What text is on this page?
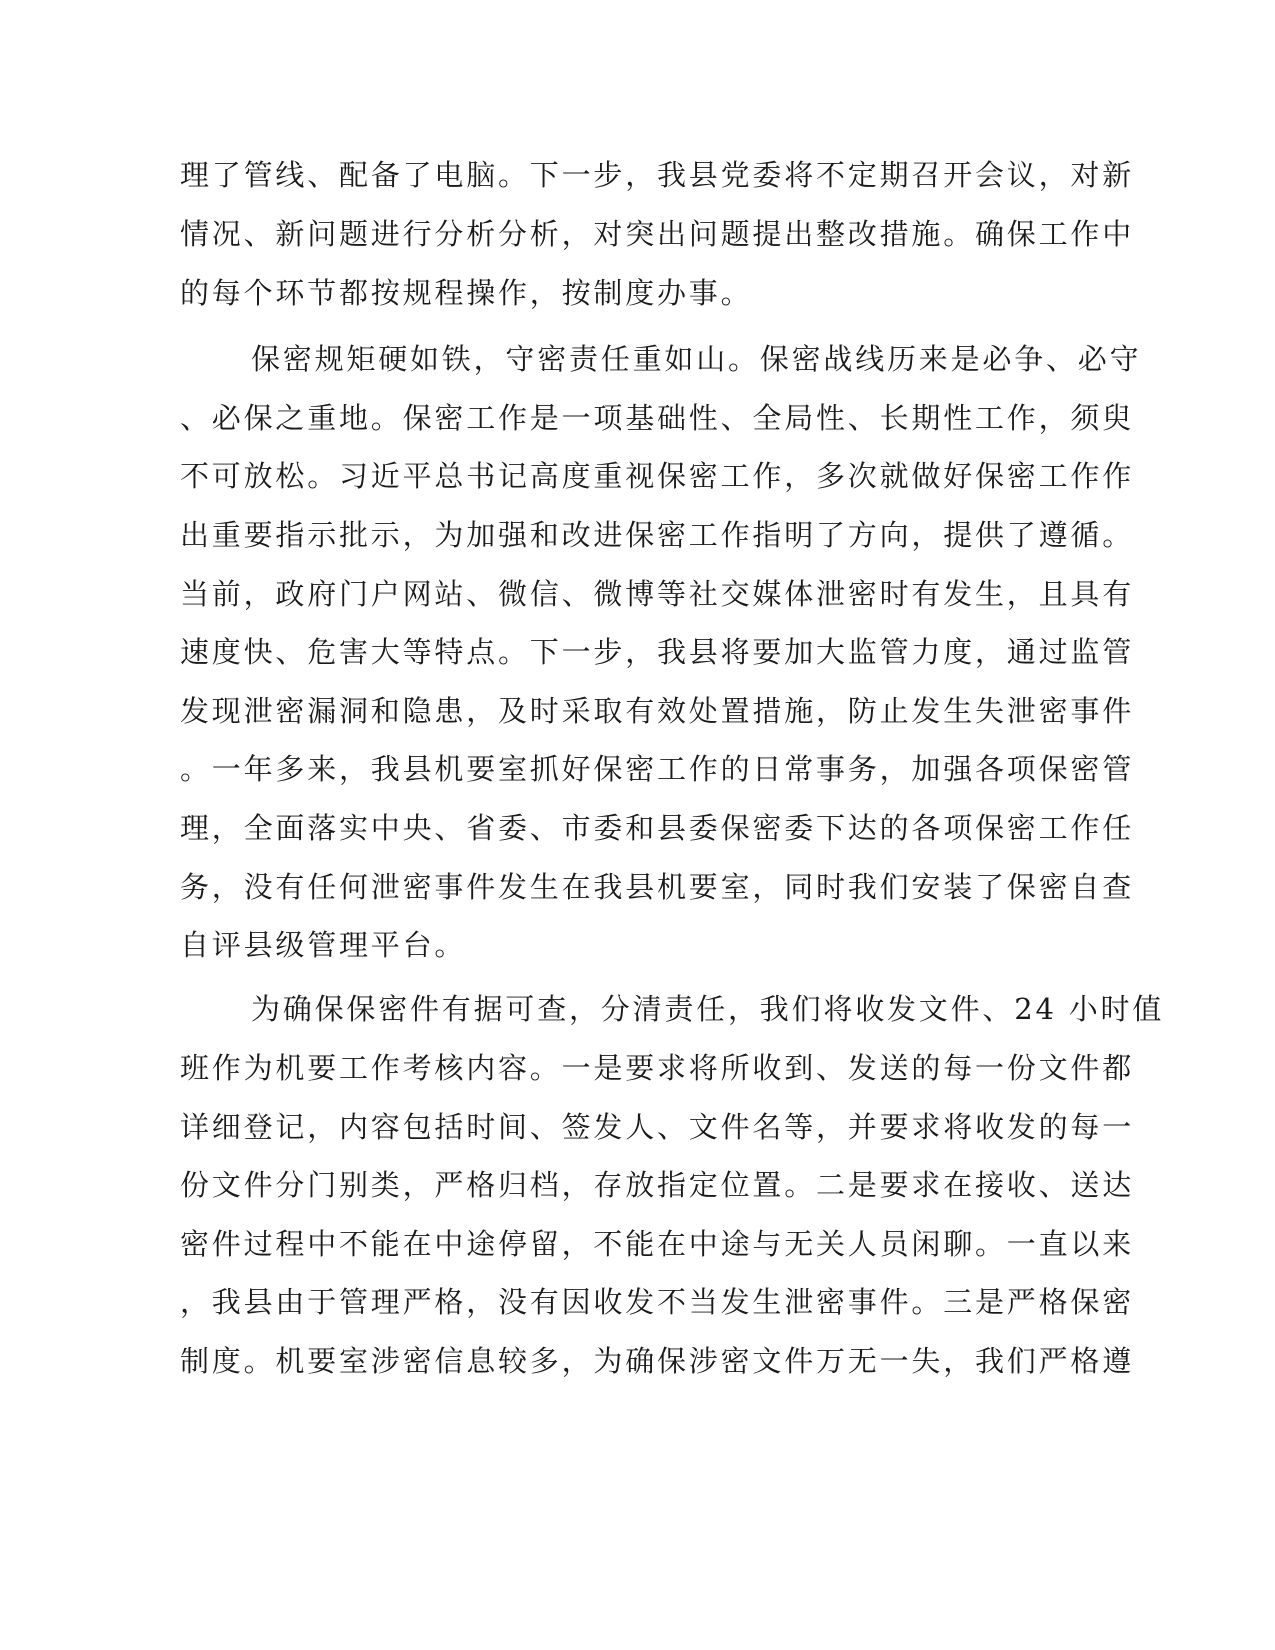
理了管线、配备了电脑。下一步，我县党委将不定期召开会议，对新
情况、新问题进行分析分析，对突出问题提出整改措施。确保工作中
的每个环节都按规程操作，按制度办事。
保密规矩硬如铁，守密责任重如山。保密战线历来是必争、必守
、必保之重地。保密工作是一项基础性、全局性、长期性工作，须臾
不可放松。习近平总书记高度重视保密工作，多次就做好保密工作作
出重要指示批示，为加强和改进保密工作指明了方向，提供了遵循。
当前，政府门户网站、微信、微博等社交媒体泄密时有发生，且具有
速度快、危害大等特点。下一步，我县将要加大监管力度，通过监管
发现泄密漏洞和隐患，及时采取有效处置措施，防止发生失泄密事件
。一年多来，我县机要室抓好保密工作的日常事务，加强各项保密管
理，全面落实中央、省委、市委和县委保密委下达的各项保密工作任
务，没有任何泄密事件发生在我县机要室，同时我们安装了保密自查
自评县级管理平台。
为确保保密件有据可查，分清责任，我们将收发文件、24 小时值
班作为机要工作考核内容。一是要求将所收到、发送的每一份文件都
详细登记，内容包括时间、签发人、文件名等，并要求将收发的每一
份文件分门别类，严格归档，存放指定位置。二是要求在接收、送达
密件过程中不能在中途停留，不能在中途与无关人员闲聊。一直以来
，我县由于管理严格，没有因收发不当发生泄密事件。三是严格保密
制度。机要室涉密信息较多，为确保涉密文件万无一失，我们严格遵
